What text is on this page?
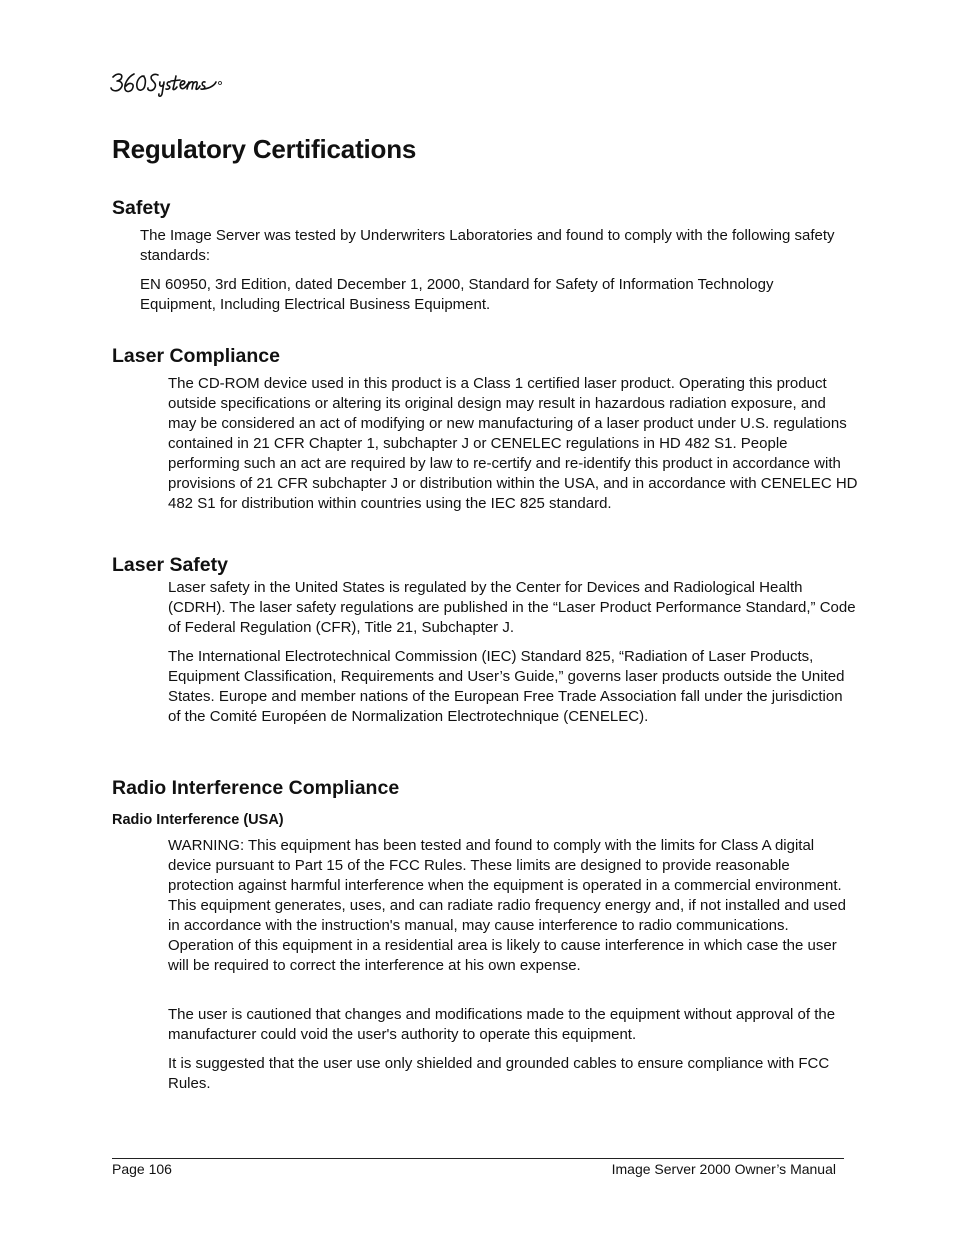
Regulatory Certifications
Safety

The Image Server was tested by Underwriters Laboratories and found to comply with the following safety standards:

EN 60950, 3rd Edition, dated December 1, 2000, Standard for Safety of Information Technology Equipment, Including Electrical Business Equipment.

Laser Compliance

The CD-ROM device used in this product is a Class 1 certified laser product. Operating this product outside specifications or altering its original design may result in hazardous radiation exposure, and may be considered an act of modifying or new manufacturing of a laser product under U.S. regulations contained in 21 CFR Chapter 1, subchapter J or CENELEC regulations in HD 482 S1. People performing such an act are required by law to re-certify and re-identify this product in accordance with provisions of 21 CFR subchapter J or distribution within the USA, and in accordance with CENELEC HD 482 S1 for distribution within countries using the IEC 825 standard.

Laser Safety

Laser safety in the United States is regulated by the Center for Devices and Radiological Health (CDRH). The laser safety regulations are published in the “Laser Product Performance Standard,” Code of Federal Regulation (CFR), Title 21, Subchapter J.

The International Electrotechnical Commission (IEC) Standard 825, “Radiation of Laser Products, Equipment Classification, Requirements and User’s Guide,” governs laser products outside the United States. Europe and member nations of the European Free Trade Association fall under the jurisdiction of the Comité Européen de Normalization Electrotechnique (CENELEC).

Radio Interference Compliance
Radio Interference (USA)

WARNING: This equipment has been tested and found to comply with the limits for Class A digital device pursuant to Part 15 of the FCC Rules. These limits are designed to provide reasonable protection against harmful interference when the equipment is operated in a commercial environment. This equipment generates, uses, and can radiate radio frequency energy and, if not installed and used in accordance with the instruction's manual, may cause interference to radio communications. Operation of this equipment in a residential area is likely to cause interference in which case the user will be required to correct the interference at his own expense.

The user is cautioned that changes and modifications made to the equipment without approval of the manufacturer could void the user's authority to operate this equipment.

It is suggested that the user use only shielded and grounded cables to ensure compliance with FCC Rules.

Page 106	Image Server 2000 Owner’s Manual
